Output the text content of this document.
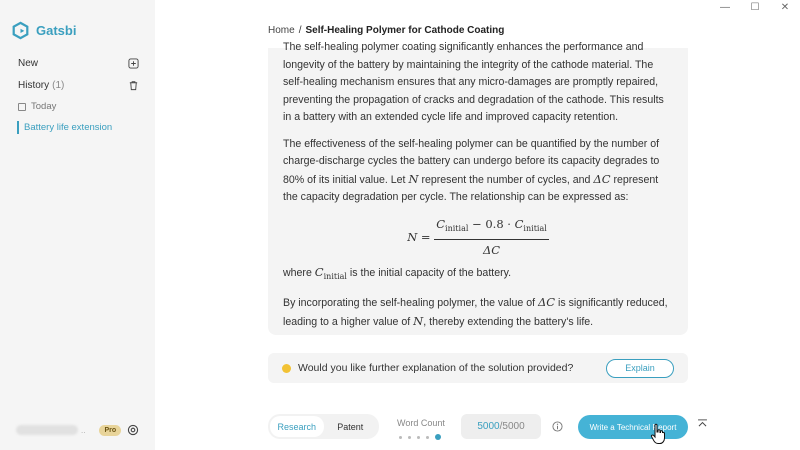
—	☐	✕
Gatsbi
New
History (1)
Today
Battery life extension
..	Pro
Home / Self-Healing Polymer for Cathode Coating

The self-healing polymer coating significantly enhances the performance and longevity of the battery by maintaining the integrity of the cathode material. The self-healing mechanism ensures that any micro-damages are promptly repaired, preventing the propagation of cracks and degradation of the cathode. This results in a battery with an extended cycle life and improved capacity retention.

The effectiveness of the self-healing polymer can be quantified by the number of charge-discharge cycles the battery can undergo before its capacity degrades to 80% of its initial value. Let N represent the number of cycles, and ΔC represent the capacity degradation per cycle. The relationship can be expressed as:

$N = \frac{C_{initial} - 0.8 \cdot C_{initial}}{\Delta C}$

where $C_{initial}$ is the initial capacity of the battery.

By incorporating the self-healing polymer, the value of ΔC is significantly reduced, leading to a higher value of N, thereby extending the battery's life.

Would you like further explanation of the solution provided?	Explain
Research	Patent	Word Count	5000 /5000	Write a Technical Report
